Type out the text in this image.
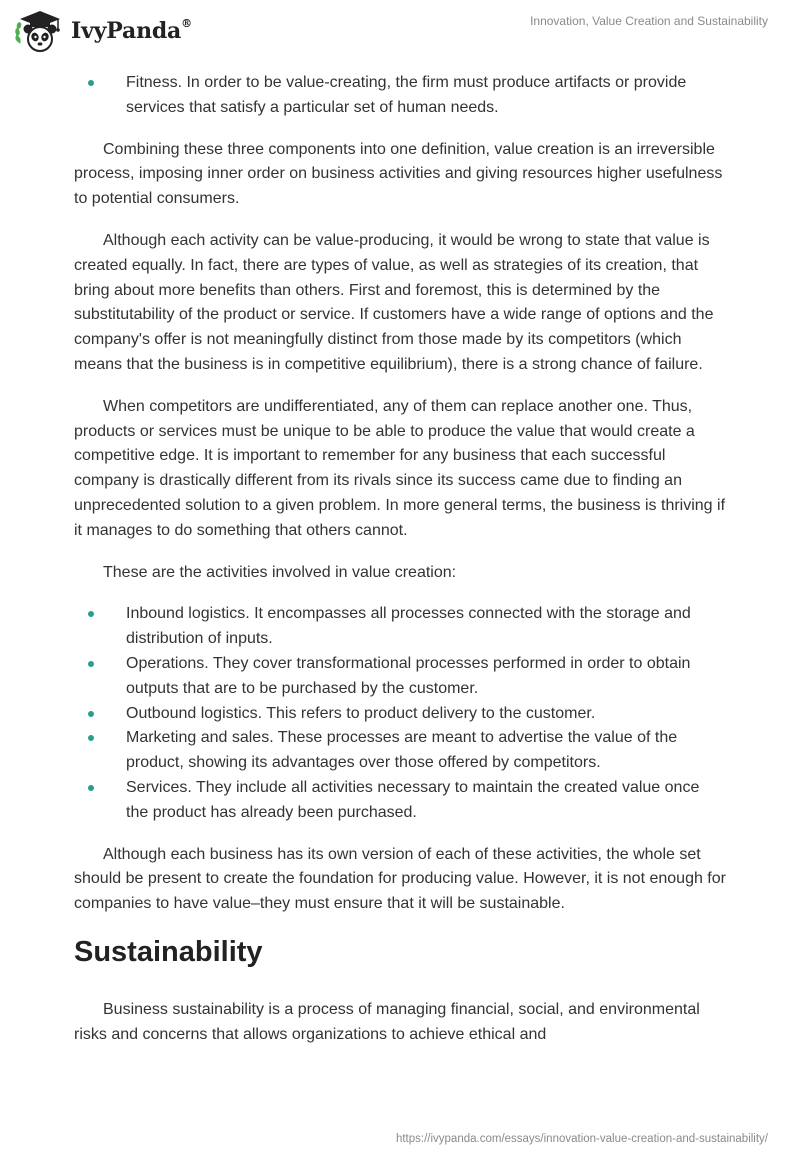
IvyPanda®	Innovation, Value Creation and Sustainability
Fitness. In order to be value-creating, the firm must produce artifacts or provide services that satisfy a particular set of human needs.

Combining these three components into one definition, value creation is an irreversible process, imposing inner order on business activities and giving resources higher usefulness to potential consumers.

Although each activity can be value-producing, it would be wrong to state that value is created equally. In fact, there are types of value, as well as strategies of its creation, that bring about more benefits than others. First and foremost, this is determined by the substitutability of the product or service. If customers have a wide range of options and the company's offer is not meaningfully distinct from those made by its competitors (which means that the business is in competitive equilibrium), there is a strong chance of failure.

When competitors are undifferentiated, any of them can replace another one. Thus, products or services must be unique to be able to produce the value that would create a competitive edge. It is important to remember for any business that each successful company is drastically different from its rivals since its success came due to finding an unprecedented solution to a given problem. In more general terms, the business is thriving if it manages to do something that others cannot.

These are the activities involved in value creation:

Inbound logistics. It encompasses all processes connected with the storage and distribution of inputs.
Operations. They cover transformational processes performed in order to obtain outputs that are to be purchased by the customer.
Outbound logistics. This refers to product delivery to the customer.
Marketing and sales. These processes are meant to advertise the value of the product, showing its advantages over those offered by competitors.
Services. They include all activities necessary to maintain the created value once the product has already been purchased.

Although each business has its own version of each of these activities, the whole set should be present to create the foundation for producing value. However, it is not enough for companies to have value–they must ensure that it will be sustainable.

Sustainability

Business sustainability is a process of managing financial, social, and environmental risks and concerns that allows organizations to achieve ethical and

https://ivypanda.com/essays/innovation-value-creation-and-sustainability/
